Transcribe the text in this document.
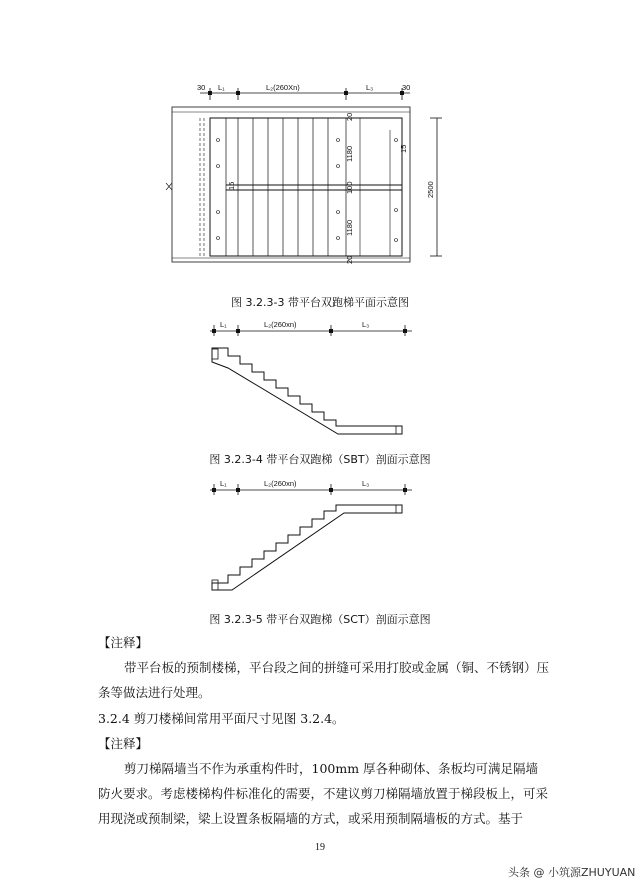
30 L₁	L₂(260Xn)	L₃	30
20
1180
100
1180
20
15
15	2500
图 3.2.3-3 带平台双跑梯平面示意图
L₁	L₂(260xn)	L₃
图 3.2.3-4 带平台双跑梯（SBT）剖面示意图
L₁	L₂(260xn)	L₃
图 3.2.3-5 带平台双跑梯（SCT）剖面示意图
【注释】
带平台板的预制楼梯，平台段之间的拼缝可采用打胶或金属（铜、不锈钢）压条等做法进行处理。
3.2.4 剪刀楼梯间常用平面尺寸见图 3.2.4。
【注释】
剪刀梯隔墙当不作为承重构件时，100mm 厚各种砌体、条板均可满足隔墙防火要求。考虑楼梯构件标准化的需要，不建议剪刀梯隔墙放置于梯段板上，可采用现浇或预制梁，梁上设置条板隔墙的方式，或采用预制隔墙板的方式。基于
19
头条 @ 小筑源ZHUYUAN
